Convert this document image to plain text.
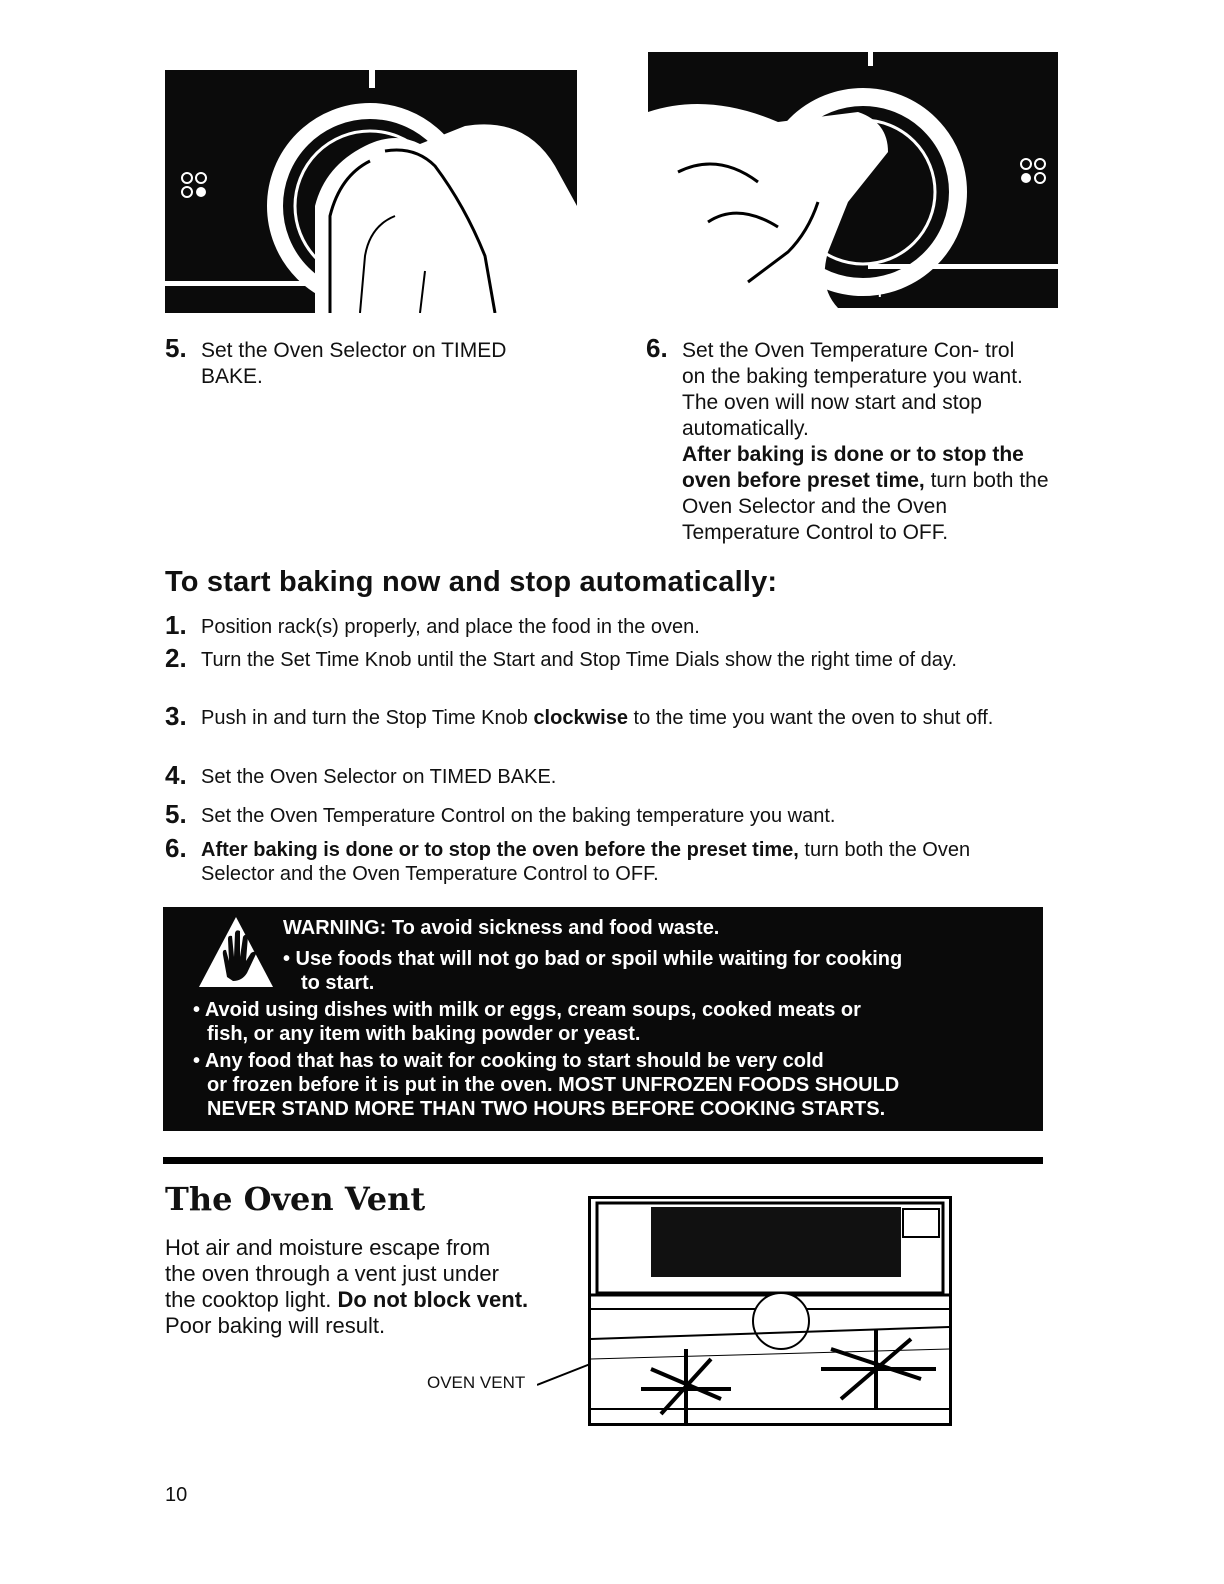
temp
5. Set the Oven Selector on TIMED BAKE.
6. Set the Oven Temperature Con- trol on the baking temperature you want. The oven will now start and stop automatically.
After baking is done or to stop the oven before preset time, turn both the Oven Selector and the Oven Temperature Control to OFF.
To start baking now and stop automatically:
1. Position rack(s) properly, and place the food in the oven.
2. Turn the Set Time Knob until the Start and Stop Time Dials show the right time of day.
3. Push in and turn the Stop Time Knob clockwise to the time you want the oven to shut off.
4. Set the Oven Selector on TIMED BAKE.
5. Set the Oven Temperature Control on the baking temperature you want.
6. After baking is done or to stop the oven before the preset time, turn both the Oven Selector and the Oven Temperature Control to OFF.
WARNING: To avoid sickness and food waste.
• Use foods that will not go bad or spoil while waiting for cooking
to start.
• Avoid using dishes with milk or eggs, cream soups, cooked meats or
fish, or any item with baking powder or yeast.
• Any food that has to wait for cooking to start should be very cold
or frozen before it is put in the oven. MOST UNFROZEN FOODS SHOULD
NEVER STAND MORE THAN TWO HOURS BEFORE COOKING STARTS.
The Oven Vent
Hot air and moisture escape from
the oven through a vent just under
the cooktop light. Do not block vent. Poor baking will result.
OVEN VENT
10
